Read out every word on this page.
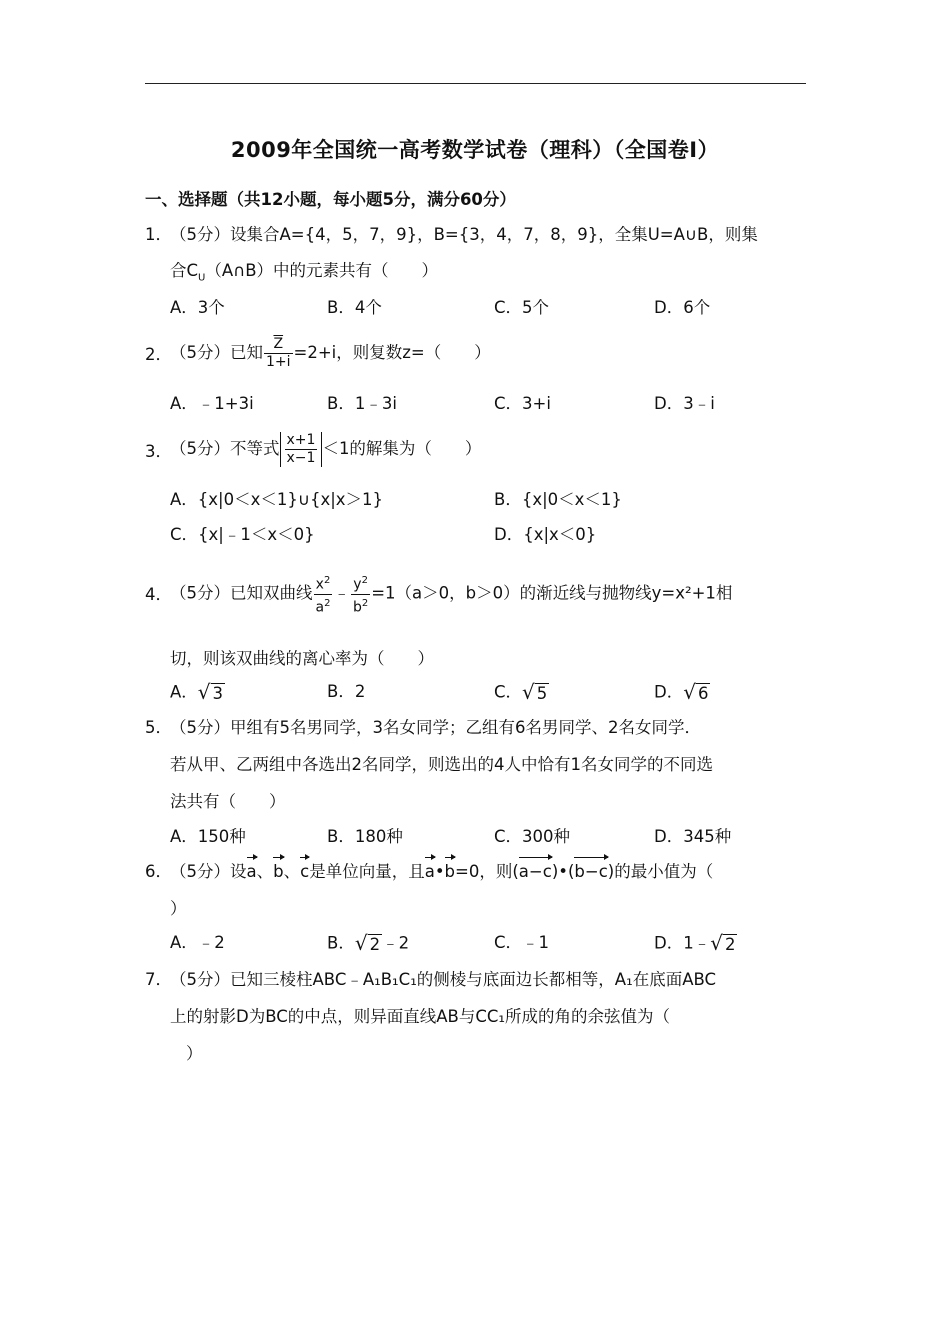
2009年全国统一高考数学试卷（理科）（全国卷Ⅰ）
一、选择题（共12小题，每小题5分，满分60分）
1．
（5分）设集合A={4，5，7，9}，B={3，4，7，8，9}，全集U=A∪B，则集
合$C_U(A\cap B)$中的元素共有（　　）
A．3个	B．4个	C．5个	D．6个
2．
（5分）已知 $\frac{\overline{Z}}{1+i} =2+i$，则复数z=（　　）
A．﹣1+3i	B．1﹣3i	C．3+i	D．3﹣i
3．
（5分）不等式 $\frac{x+1}{x-1} <1$的解集为（　　）
A．{x|0＜x＜1}∪{x|x＞1}	B．{x|0＜x＜1}
C．{x|﹣1＜x＜0}	D．{x|x＜0}
4．
（5分）已知双曲线 $\frac{x^2}{a^2}$ ﹣ $\frac{y^2}{b^2} =1(a>0$，b＞0）的渐近线与抛物线y=x²+1相
切，则该双曲线的离心率为（　　）
A．√ 3	B．2	C．√ 5	D．√ 6
5．
（5分）甲组有5名男同学，3名女同学；乙组有6名男同学、2名女同学．
若从甲、乙两组中各选出2名同学，则选出的4人中恰有1名女同学的不同选
法共有（　　）
A．150种	B．180种	C．300种	D．345种
6．
（5分）设a、b、c是单位向量，且a•b=0，则(a−c)•(b−c)的最小值为（
）
A．﹣2	B．√ 2 ﹣2	C．﹣1	D．1﹣√ 2
7．
（5分）已知三棱柱ABC﹣A₁B₁C₁的侧棱与底面边长都相等，A₁在底面ABC
上的射影D为BC的中点，则异面直线AB与CC₁所成的角的余弦值为（
）
